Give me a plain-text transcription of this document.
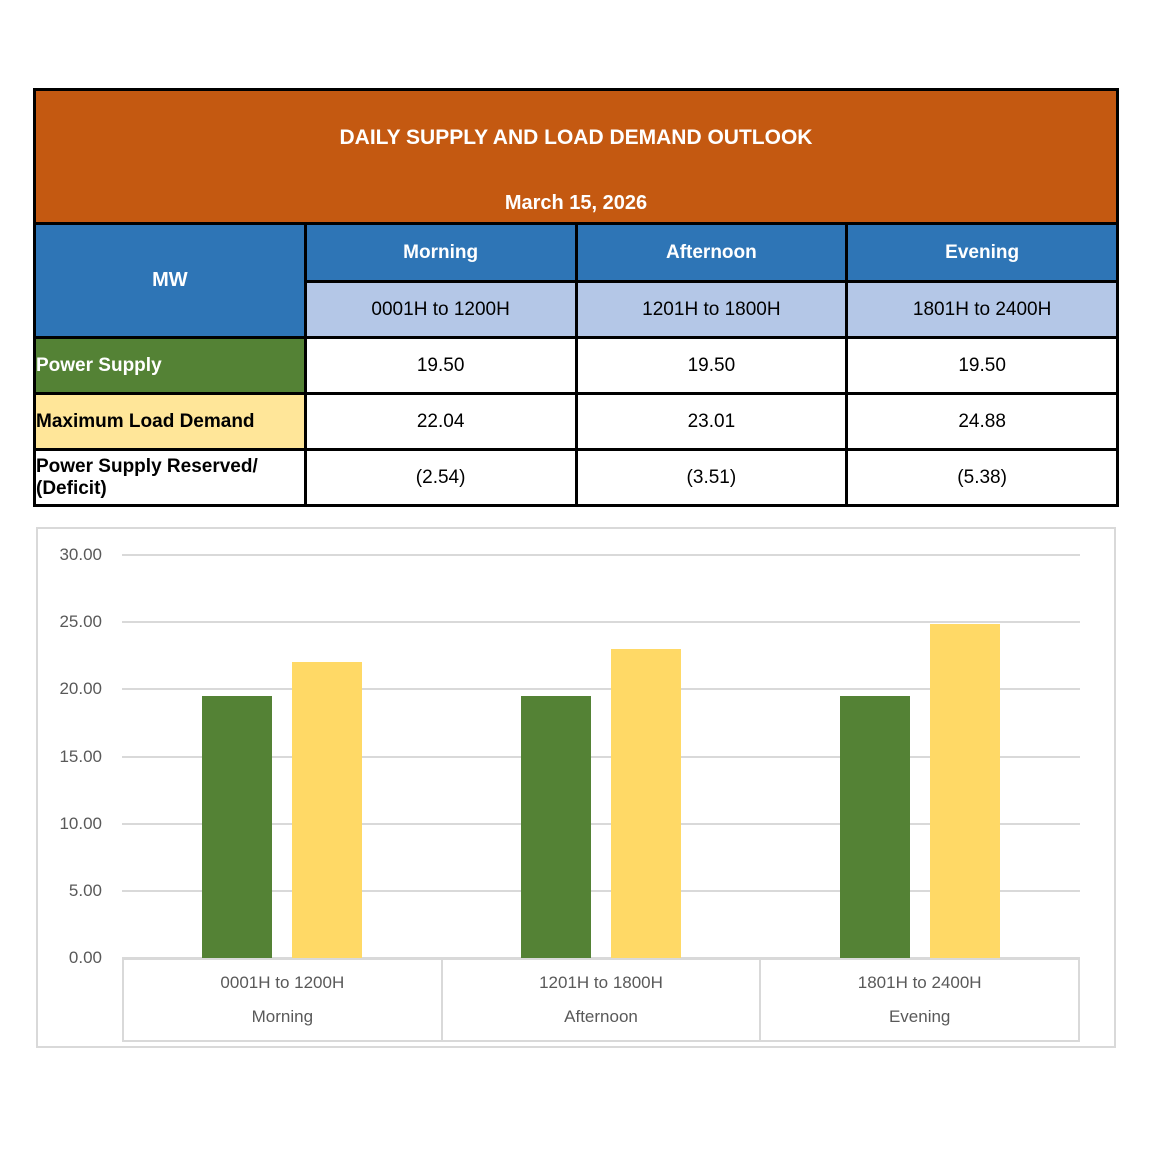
DAILY SUPPLY AND LOAD DEMAND OUTLOOK
March 15, 2026			

MW	Morning	Afternoon	Evening
	0001H to 1200H	1201H to 1800H	1801H to 2400H
Power Supply	19.50	19.50	19.50
Maximum Load Demand	22.04	23.01	24.88
Power Supply Reserved/ (Deficit)	(2.54)	(3.51)	(5.38)
0.00
5.00
10.00
15.00
20.00
25.00
30.00
0001H to 1200H
Morning
1201H to 1800H
Afternoon
1801H to 2400H
Evening
